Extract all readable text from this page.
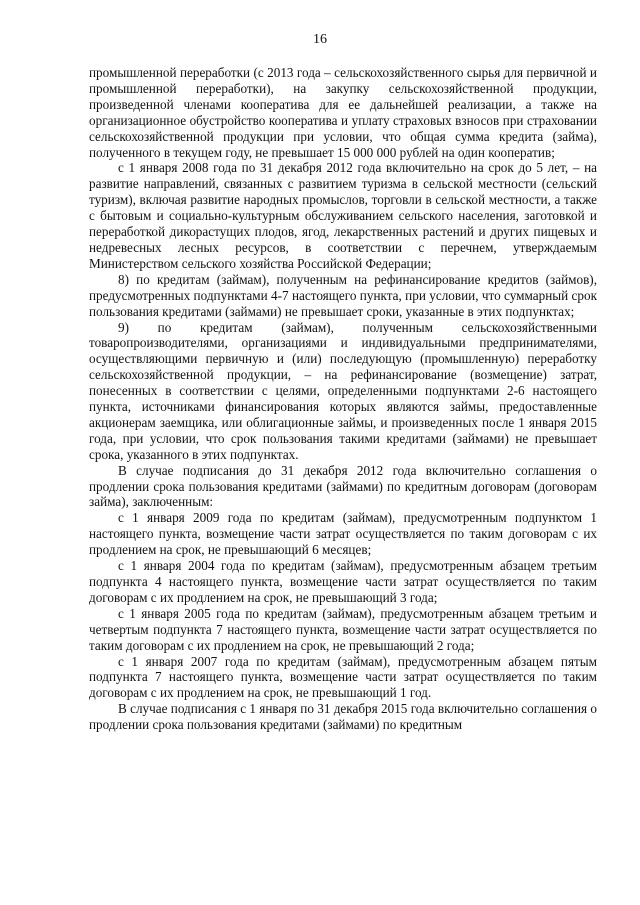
16

промышленной переработки (с 2013 года – сельскохозяйственного сырья для первичной и промышленной переработки), на закупку сельскохозяйственной продукции, произведенной членами кооператива для ее дальнейшей реализации, а также на организационное обустройство кооператива и уплату страховых взносов при страховании сельскохозяйственной продукции при условии, что общая сумма кредита (займа), полученного в текущем году, не превышает 15 000 000 рублей на один кооператив;

с 1 января 2008 года по 31 декабря 2012 года включительно на срок до 5 лет, – на развитие направлений, связанных с развитием туризма в сельской местности (сельский туризм), включая развитие народных промыслов, торговли в сельской местности, а также с бытовым и социально-культурным обслуживанием сельского населения, заготовкой и переработкой дикорастущих плодов, ягод, лекарственных растений и других пищевых и недревесных лесных ресурсов, в соответствии с перечнем, утверждаемым Министерством сельского хозяйства Российской Федерации;

8) по кредитам (займам), полученным на рефинансирование кредитов (займов), предусмотренных подпунктами 4-7 настоящего пункта, при условии, что суммарный срок пользования кредитами (займами) не превышает сроки, указанные в этих подпунктах;

9) по кредитам (займам), полученным сельскохозяйственными товаропроизводителями, организациями и индивидуальными предпринимателями, осуществляющими первичную и (или) последующую (промышленную) переработку сельскохозяйственной продукции, – на рефинансирование (возмещение) затрат, понесенных в соответствии с целями, определенными подпунктами 2-6 настоящего пункта, источниками финансирования которых являются займы, предоставленные акционерам заемщика, или облигационные займы, и произведенных после 1 января 2015 года, при условии, что срок пользования такими кредитами (займами) не превышает срока, указанного в этих подпунктах.

В случае подписания до 31 декабря 2012 года включительно соглашения о продлении срока пользования кредитами (займами) по кредитным договорам (договорам займа), заключенным:

с 1 января 2009 года по кредитам (займам), предусмотренным подпунктом 1 настоящего пункта, возмещение части затрат осуществляется по таким договорам с их продлением на срок, не превышающий 6 месяцев;

с 1 января 2004 года по кредитам (займам), предусмотренным абзацем третьим подпункта 4 настоящего пункта, возмещение части затрат осуществляется по таким договорам с их продлением на срок, не превышающий 3 года;

с 1 января 2005 года по кредитам (займам), предусмотренным абзацем третьим и четвертым подпункта 7 настоящего пункта, возмещение части затрат осуществляется по таким договорам с их продлением на срок, не превышающий 2 года;

с 1 января 2007 года по кредитам (займам), предусмотренным абзацем пятым подпункта 7 настоящего пункта, возмещение части затрат осуществляется по таким договорам с их продлением на срок, не превышающий 1 год.

В случае подписания с 1 января по 31 декабря 2015 года включительно соглашения о продлении срока пользования кредитами (займами) по кредитным
